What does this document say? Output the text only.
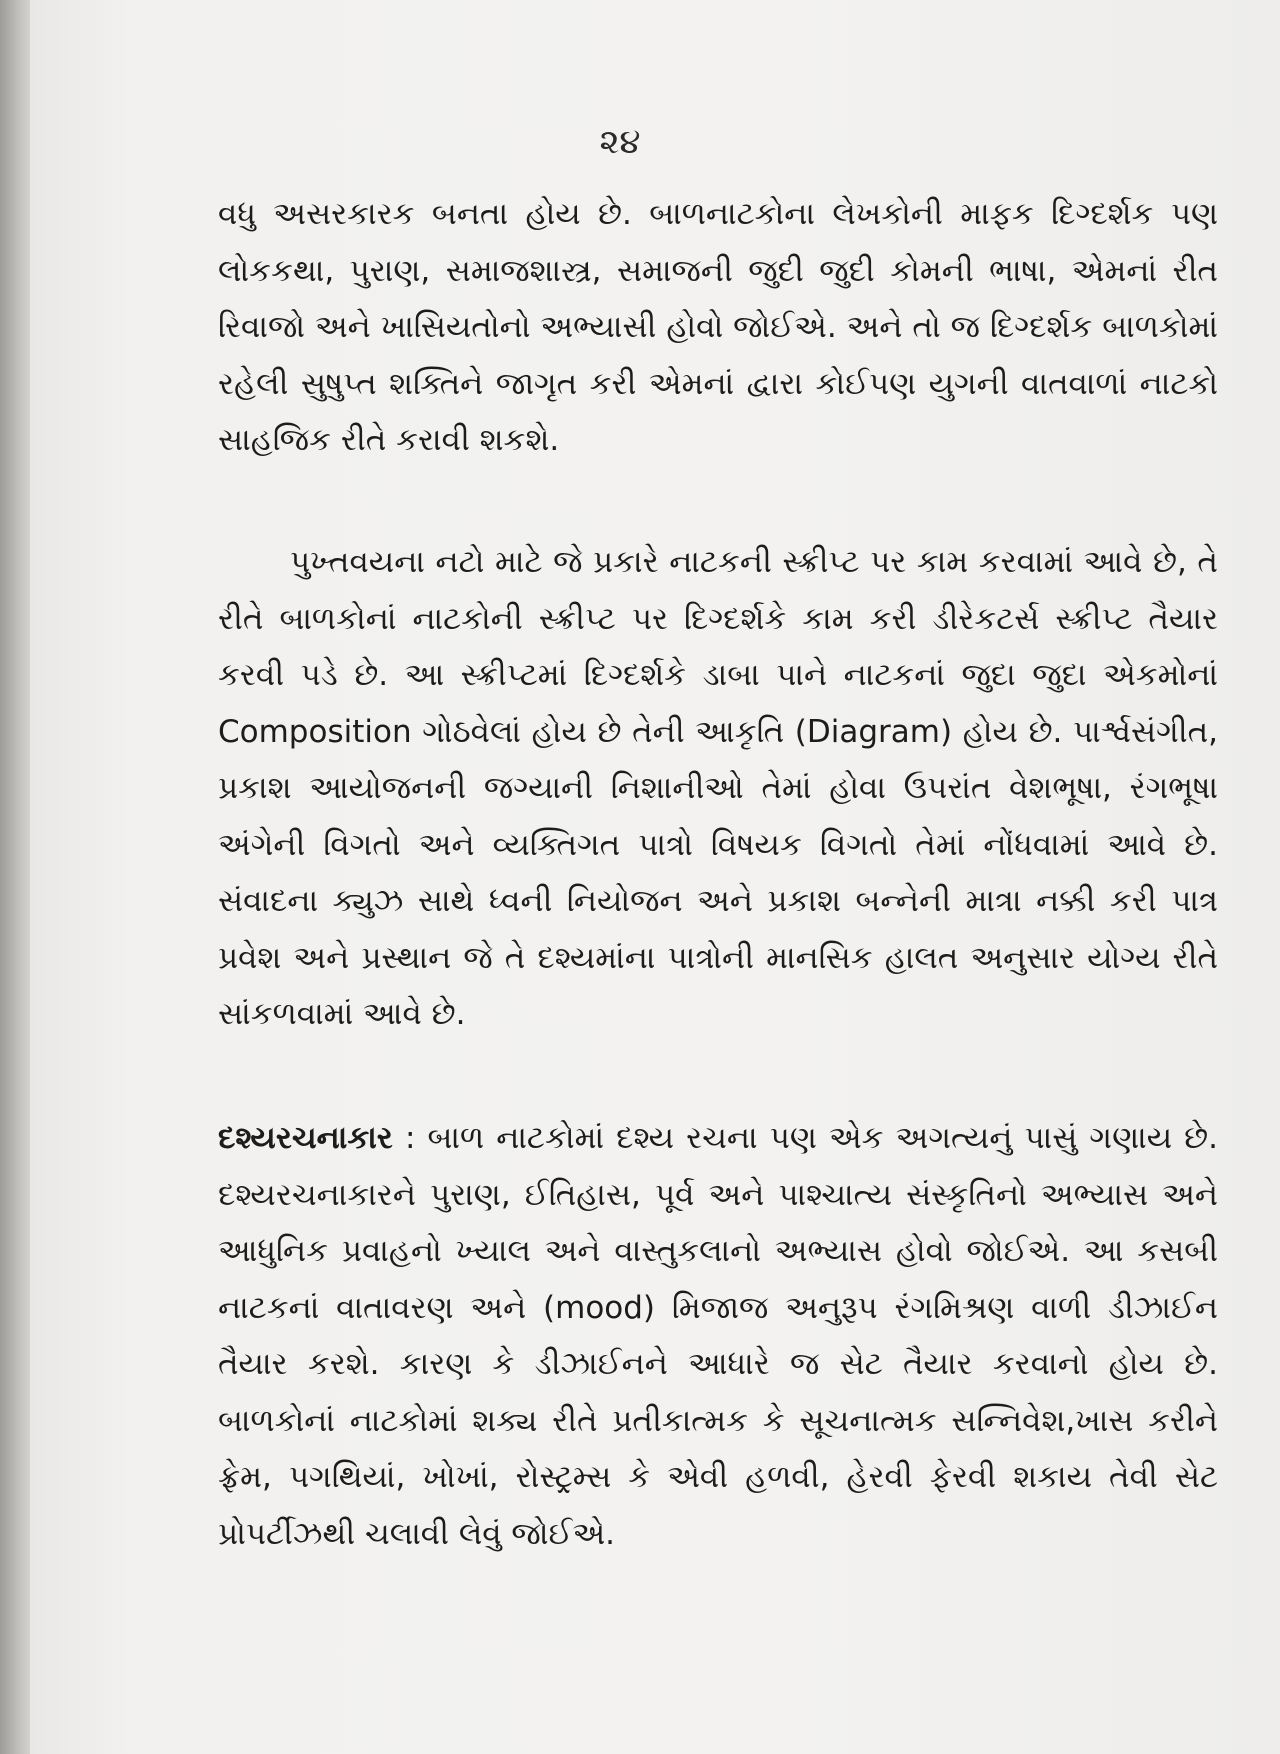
૨૪
વધુ અસરકારક બનતા હોય છે. બાળનાટકોના લેખકોની માફક દિગ્દર્શક પણ લોકકથા, પુરાણ, સમાજશાસ્ત્ર, સમાજની જુદી જુદી કોમની ભાષા, એમનાં રીત રિવાજો અને ખાસિયતોનો અભ્યાસી હોવો જોઈએ. અને તો જ દિગ્દર્શક બાળકોમાં રહેલી સુષુપ્ત શક્તિને જાગૃત કરી એમનાં દ્વારા કોઈપણ યુગની વાતવાળાં નાટકો સાહજિક રીતે કરાવી શકશે.
પુખ્તવયના નટો માટે જે પ્રકારે નાટકની સ્ક્રીપ્ટ પર કામ કરવામાં આવે છે, તે રીતે બાળકોનાં નાટકોની સ્ક્રીપ્ટ પર દિગ્દર્શકે કામ કરી ડીરેકટર્સ સ્ક્રીપ્ટ તૈયાર કરવી પડે છે. આ સ્ક્રીપ્ટમાં દિગ્દર્શકે ડાબા પાને નાટકનાં જુદા જુદા એકમોનાં Composition ગોઠવેલાં હોય છે તેની આકૃતિ (Diagram) હોય છે. પાર્શ્વસંગીત, પ્રકાશ આયોજનની જગ્યાની નિશાનીઓ તેમાં હોવા ઉપરાંત વેશભૂષા, રંગભૂષા અંગેની વિગતો અને વ્યક્તિગત પાત્રો વિષયક વિગતો તેમાં નોંધવામાં આવે છે. સંવાદના ક્યુઝ સાથે ધ્વની નિયોજન અને પ્રકાશ બન્નેની માત્રા નક્કી કરી પાત્ર પ્રવેશ અને પ્રસ્થાન જે તે દશ્યમાંના પાત્રોની માનસિક હાલત અનુસાર યોગ્ય રીતે સાંકળવામાં આવે છે.
દશ્યરચનાકાર : બાળ નાટકોમાં દશ્ય રચના પણ એક અગત્યનું પાસું ગણાય છે. દશ્યરચનાકારને પુરાણ, ઈતિહાસ, પૂર્વ અને પાશ્ચાત્ય સંસ્કૃતિનો અભ્યાસ અને આધુનિક પ્રવાહનો ખ્યાલ અને વાસ્તુકલાનો અભ્યાસ હોવો જોઈએ. આ કસબી નાટકનાં વાતાવરણ અને (mood) મિજાજ અનુરૂપ રંગમિશ્રણ વાળી ડીઝાઈન તૈયાર કરશે. કારણ કે ડીઝાઈનને આધારે જ સેટ તૈયાર કરવાનો હોય છે. બાળકોનાં નાટકોમાં શક્ય રીતે પ્રતીકાત્મક કે સૂચનાત્મક સન્નિવેશ,ખાસ કરીને ફ્રેમ, પગથિયાં, ખોખાં, રોસ્ટ્રમ્સ કે એવી હળવી, હેરવી ફેરવી શકાય તેવી સેટ પ્રોપર્ટીઝથી ચલાવી લેવું જોઈએ.
